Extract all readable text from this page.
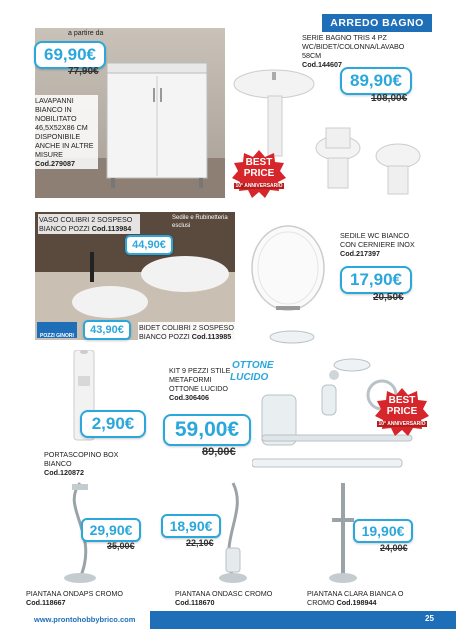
ARREDO BAGNO
a partire da
69,90€
77,90€
LAVAPANNI BIANCO IN NOBILITATO 46,5X52X86 CM DISPONIBILE ANCHE IN ALTRE MISURE
Cod.279087
SERIE BAGNO TRIS 4 PZ WC/BIDET/COLONNA/LAVABO 58CM
Cod.144607
89,90€
108,00€
BEST
PRICE
10° ANNIVERSARIO
VASO COLIBRI 2 SOSPESO BIANCO POZZI Cod.113984
Sedile e Rubinetteria esclusi
44,90€
43,90€
POZZI GINORI
BIDET COLIBRI 2 SOSPESO BIANCO POZZI Cod.113985
SEDILE WC BIANCO CON CERNIERE INOX
Cod.217397
17,90€
20,50€
2,90€
PORTASCOPINO BOX BIANCO
Cod.120872
KIT 9 PEZZI STILE METAFORMI OTTONE LUCIDO
Cod.306406
OTTONE
LUCIDO
59,00€
89,00€
BEST
PRICE
10° ANNIVERSARIO
29,90€
35,00€
PIANTANA ONDAPS CROMO
Cod.118667
18,90€
22,10€
PIANTANA ONDASC CROMO
Cod.118670
19,90€
24,00€
PIANTANA CLARA BIANCA O CROMO Cod.198944
www.prontohobbybrico.com	25
